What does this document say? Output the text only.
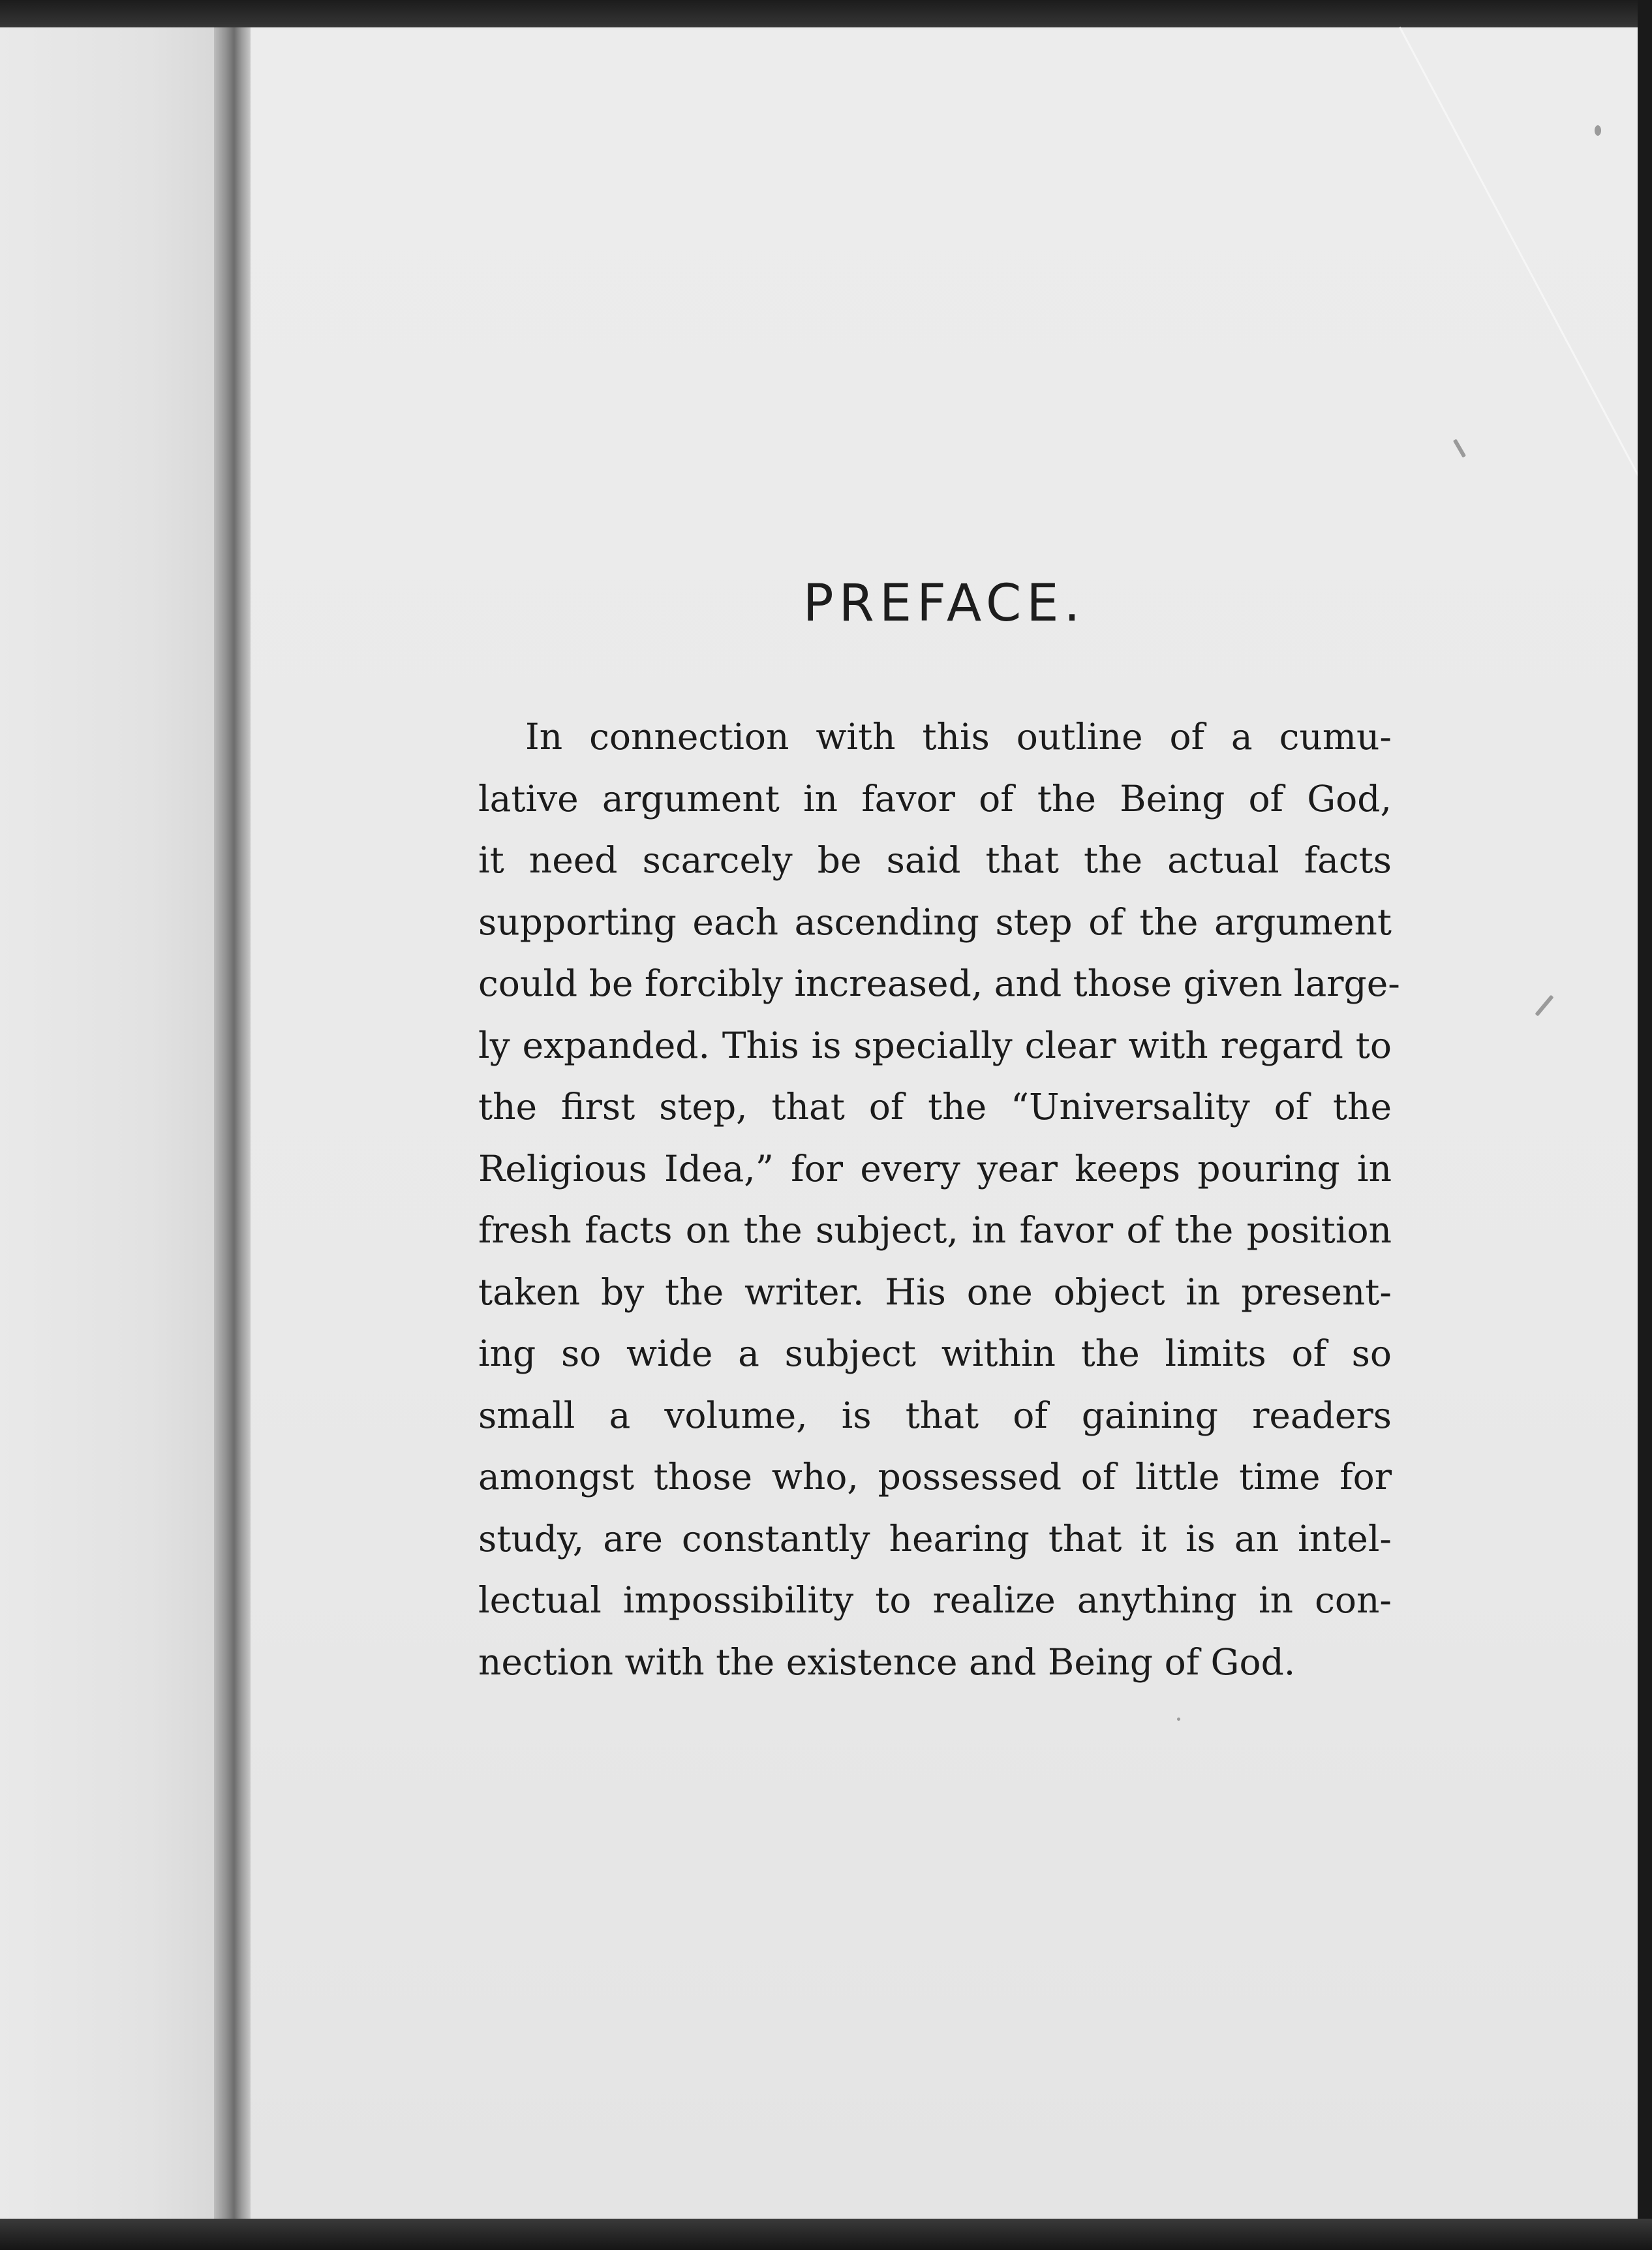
PREFACE.
In connection with this outline of a cumu-
lative argument in favor of the Being of God,
it need scarcely be said that the actual facts
supporting each ascending step of the argument
could be forcibly increased, and those given large-
ly expanded. This is specially clear with regard to
the first step, that of the “Universality of the
Religious Idea,” for every year keeps pouring in
fresh facts on the subject, in favor of the position
taken by the writer. His one object in present-
ing so wide a subject within the limits of so
small a volume, is that of gaining readers
amongst those who, possessed of little time for
study, are constantly hearing that it is an intel-
lectual impossibility to realize anything in con-
nection with the existence and Being of God.
